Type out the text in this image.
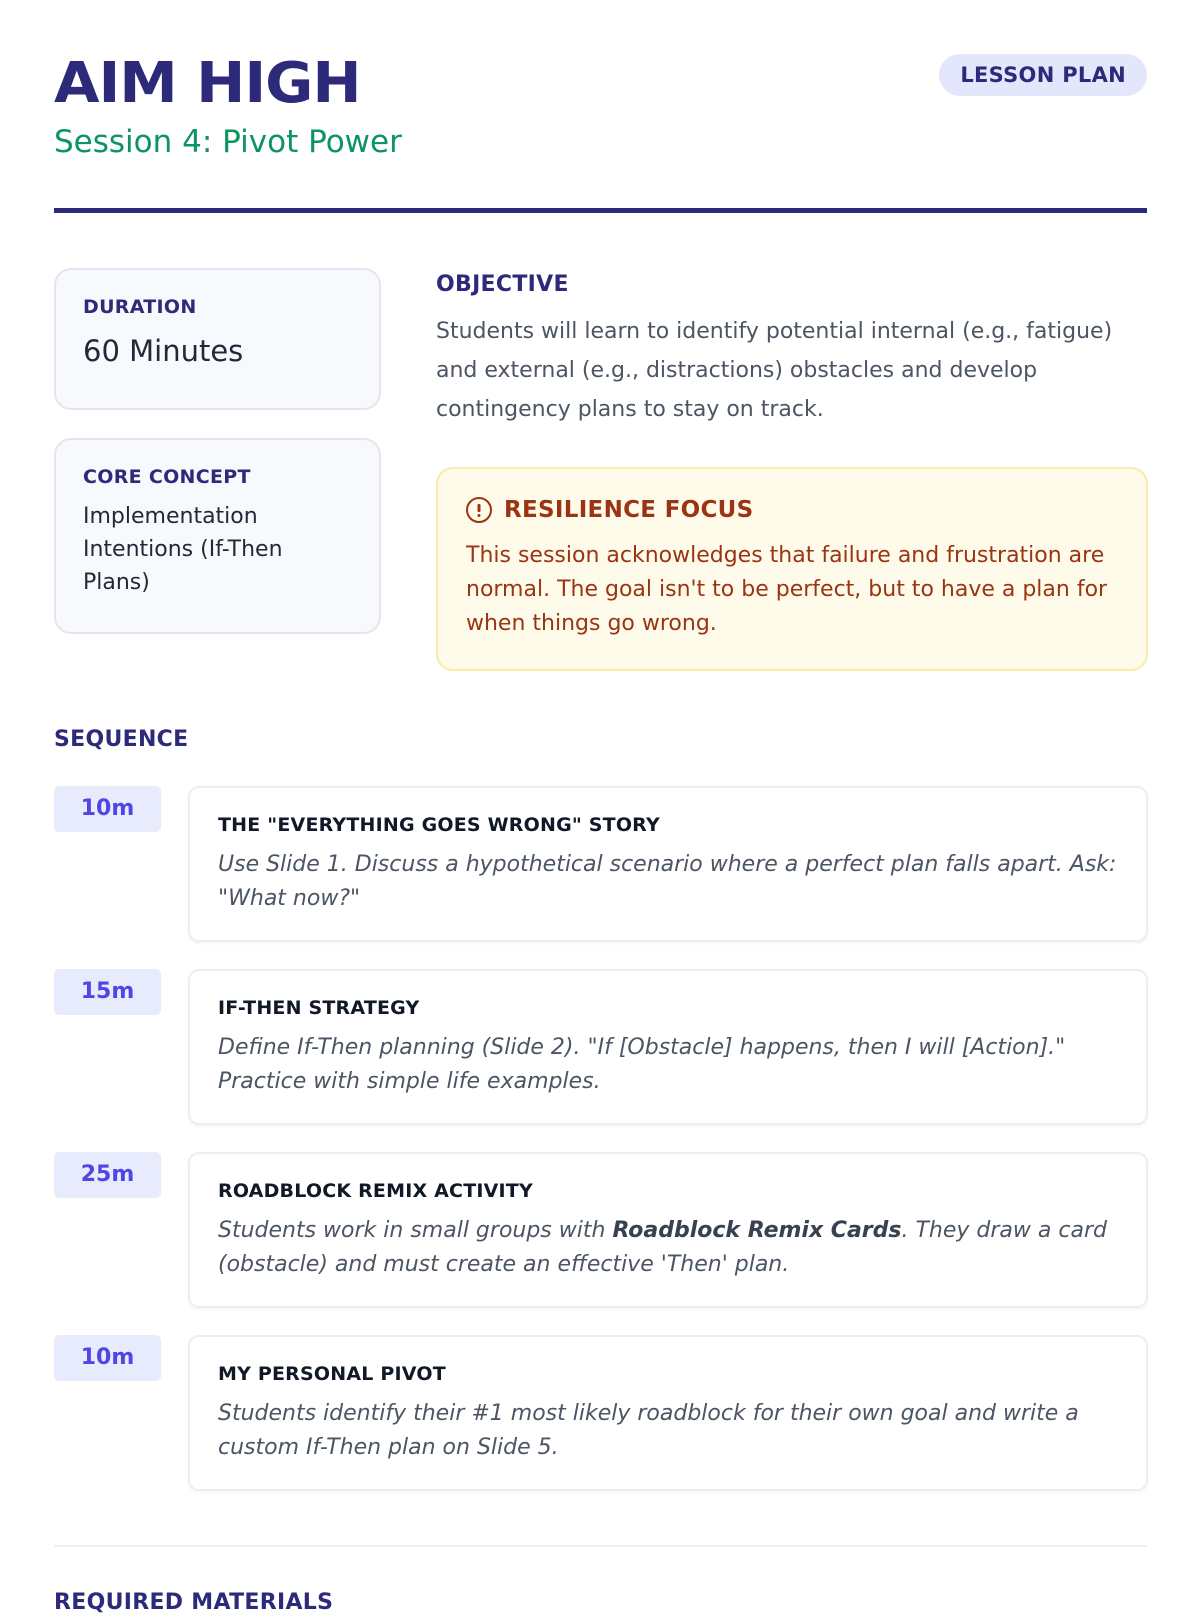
AIM HIGH
Session 4: Pivot Power
LESSON PLAN
DURATION
60 Minutes
CORE CONCEPT
Implementation Intentions (If-Then Plans)
OBJECTIVE
Students will learn to identify potential internal (e.g., fatigue) and external (e.g., distractions) obstacles and develop contingency plans to stay on track.
RESILIENCE FOCUS
This session acknowledges that failure and frustration are normal. The goal isn't to be perfect, but to have a plan for when things go wrong.
SEQUENCE
10m
THE "EVERYTHING GOES WRONG" STORY
Use Slide 1. Discuss a hypothetical scenario where a perfect plan falls apart. Ask: "What now?"
15m
IF-THEN STRATEGY
Define If-Then planning (Slide 2). "If [Obstacle] happens, then I will [Action]." Practice with simple life examples.
25m
ROADBLOCK REMIX ACTIVITY
Students work in small groups with Roadblock Remix Cards. They draw a card (obstacle) and must create an effective 'Then' plan.
10m
MY PERSONAL PIVOT
Students identify their #1 most likely roadblock for their own goal and write a custom If-Then plan on Slide 5.
REQUIRED MATERIALS
